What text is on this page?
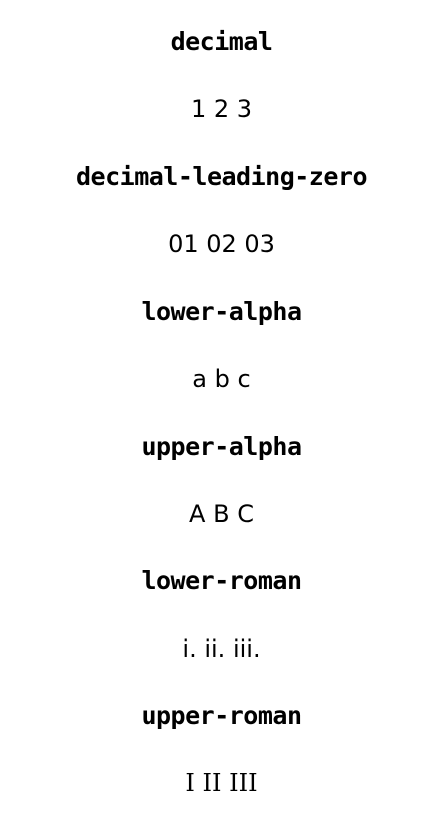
decimal
1 2 3
decimal-leading-zero
01 02 03
lower-alpha
a b c
upper-alpha
A B C
lower-roman
i. ii. iii.
upper-roman
I II III
